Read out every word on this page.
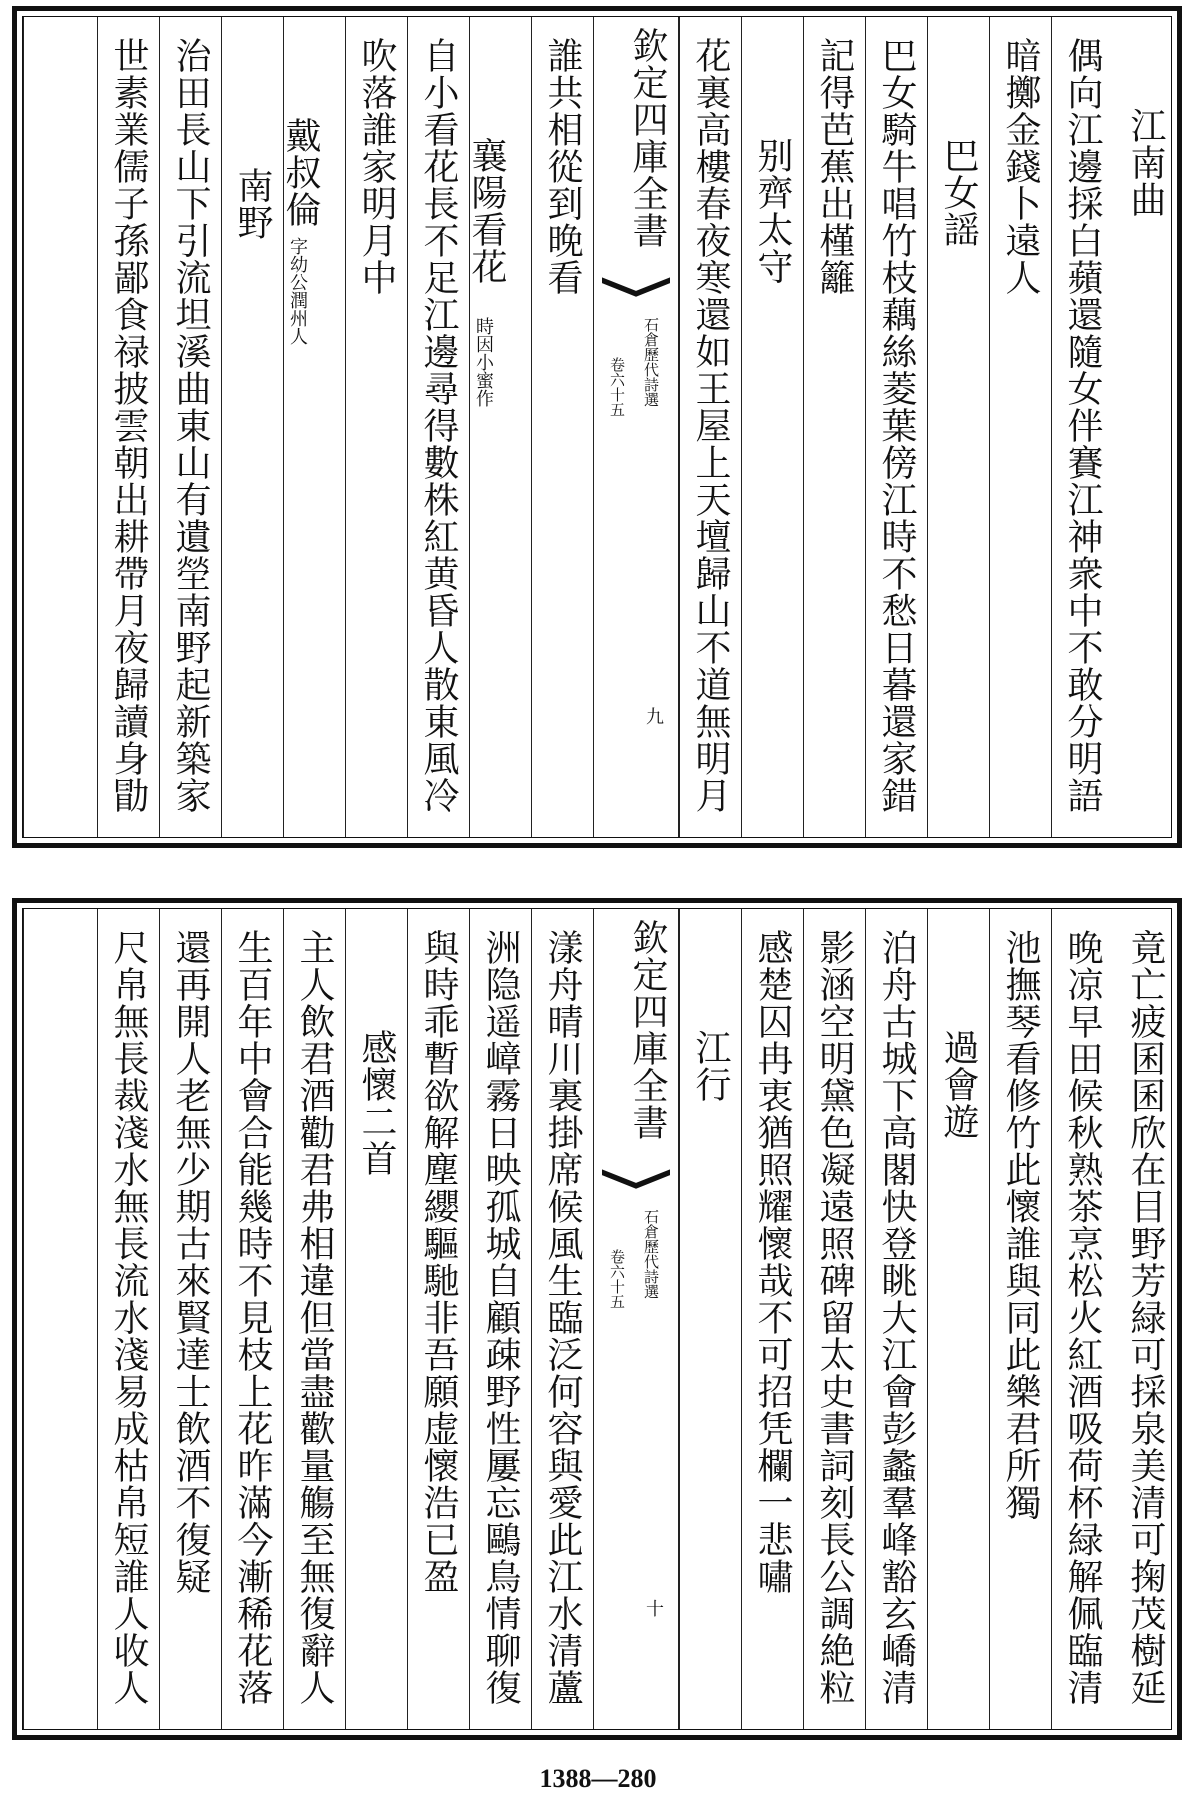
江南曲
偶向江邊採白蘋還隨女伴賽江神衆中不敢分明語
暗擲金錢卜遠人
巴女謡
巴女騎牛唱竹枝藕絲菱葉傍江時不愁日暮還家錯
記得芭蕉出槿籬
别齊太守
花裏高樓春夜寒還如王屋上天壇歸山不道無明月
欽定四庫全書
石倉歷代詩選
卷六十五
九
誰共相從到晚看
襄陽看花
時因小蜜作
自小看花長不足江邊尋得數株紅黄昏人散東風冷
吹落誰家明月中
戴叔倫
字幼公潤州人
南野
治田長山下引流坦溪曲東山有遺塋南野起新築家
世素業儒子孫鄙食禄披雲朝出耕帶月夜歸讀身勖
竟亡疲囷囷欣在目野芳緑可採泉美清可掬茂樹延
晚凉早田候秋熟茶烹松火紅酒吸荷杯緑解佩臨清
池撫琴看修竹此懷誰與同此樂君所獨
過會遊
泊舟古城下高閣快登眺大江會彭蠡羣峰豁玄嶠清
影涵空明黛色凝遠照碑留太史書詞刻長公調絶粒
感楚囚冉衷猶照耀懷哉不可招凭欄一悲嘯
江行
欽定四庫全書
石倉歷代詩選
卷六十五
十
漾舟晴川裏掛席候風生臨泛何容與愛此江水清蘆
洲隐遥嶂霧日映孤城自顧疎野性屢忘鷗鳥情聊復
與時乖暫欲解塵纓驅馳非吾願虚懷浩已盈
感懷二首
主人飲君酒勸君弗相違但當盡歡量觴至無復辭人
生百年中會合能幾時不見枝上花昨滿今漸稀花落
還再開人老無少期古來賢達士飲酒不復疑
尺帛無長裁淺水無長流水淺易成枯帛短誰人收人
1388—280
